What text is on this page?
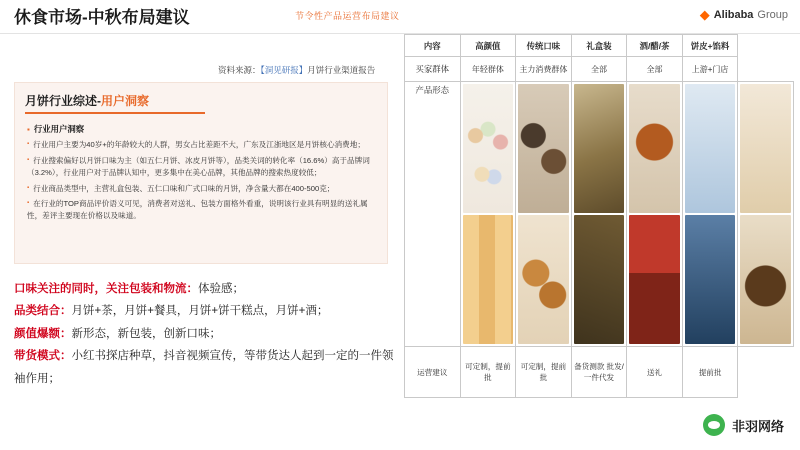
休食市场-中秋布局建议	节令性产品运营布局建议	◆ Alibaba Group
资料来源：【洞见研报】月饼行业渠道报告
月饼行业综述-用户洞察
▪ 行业用户洞察
▪ 行业用户主要为40岁+的年龄较大的人群，男女占比差距不大，广东及江浙地区是月饼核心消费地；
▪ 行业搜索偏好以月饼口味为主（如五仁月饼、冰皮月饼等），品类关词的转化率（16.6%）高于品牌词（3.2%），行业用户对于品牌认知中，更多集中在美心品牌，其他品牌的搜索热度较低；
▪ 行业商品类型中，主营礼盒包装、五仁口味和广式口味的月饼，净含量大都在400-500克；
▪ 在行业的TOP商品评价语义可见，消费者对送礼、包装方面格外看重，说明该行业具有明显的送礼属性，差评主要现在价格以及味道。
口味关注的同时，关注包装和物流：体验感；
品类结合：月饼+茶，月饼+餐具，月饼+饼干糕点，月饼+酒；
颜值爆额：新形态，新包装，创新口味；
带货模式：小红书探店种草，抖音视频宣传，等带货达人起到一定的一件领袖作用；
内容	高颜值	传统口味	礼盒装	酒/醋/茶	饼皮+馅料	
买家群体	年轻群体	主力消费群体	全部	全部	上游+门店	
产品形态	

运营建议	可定制，提前批	可定制，提前批	备货测款 批发/一件代发	送礼	提前批	
非羽网络
